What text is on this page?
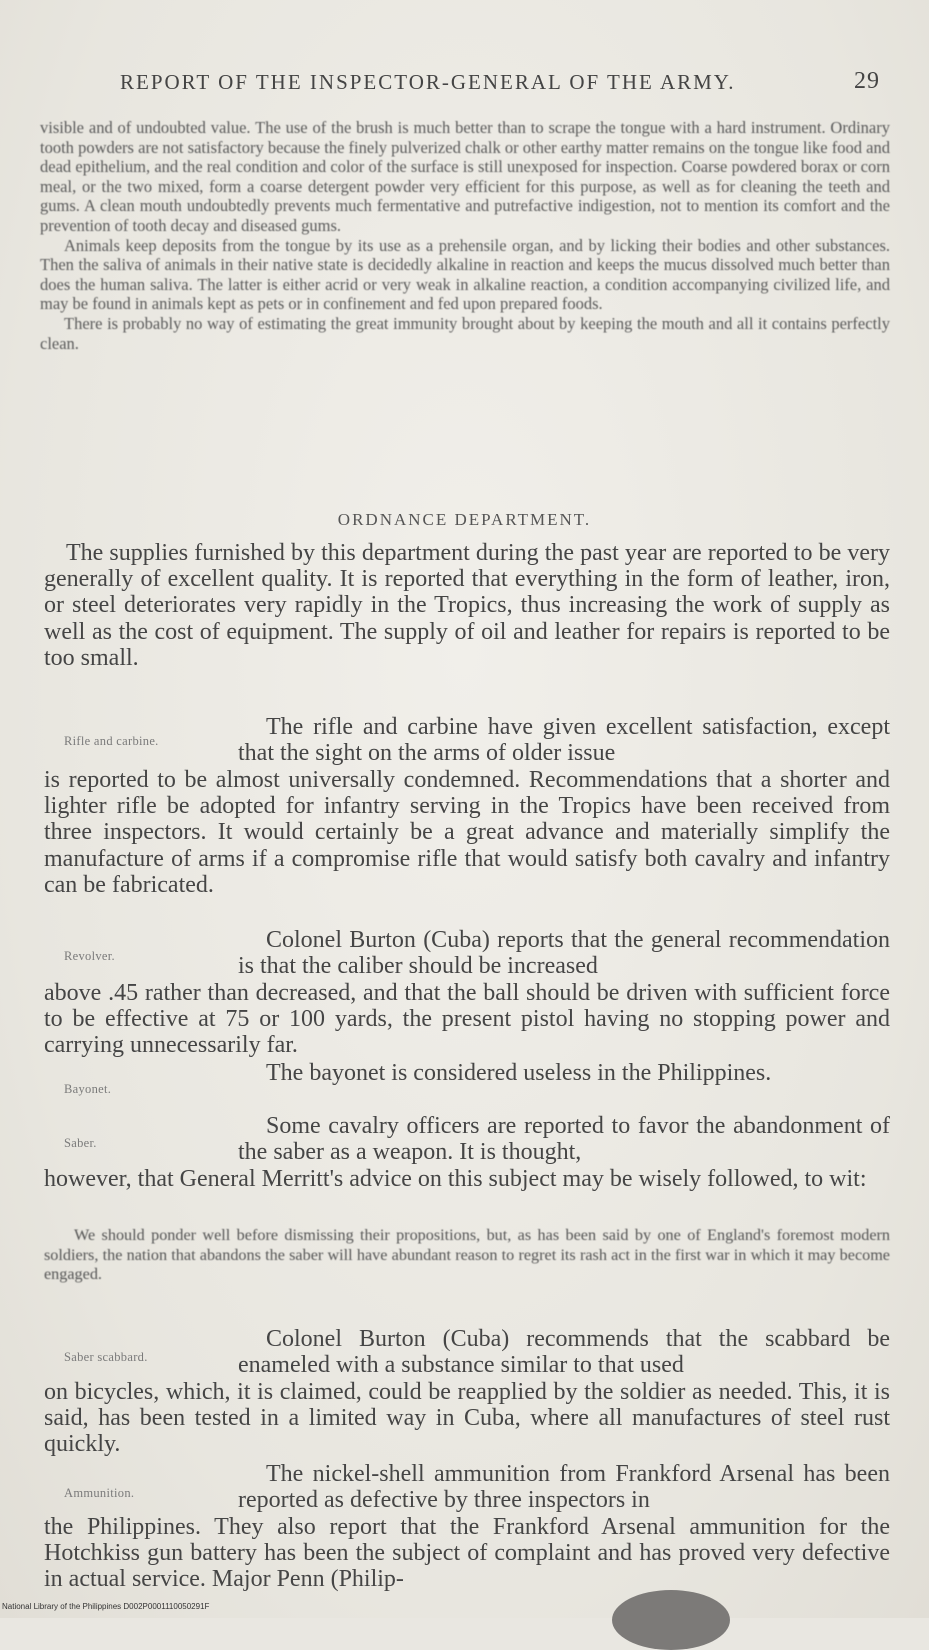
REPORT OF THE INSPECTOR-GENERAL OF THE ARMY.	29

visible and of undoubted value. The use of the brush is much better than to scrape the tongue with a hard instrument. Ordinary tooth powders are not satisfactory because the finely pulverized chalk or other earthy matter remains on the tongue like food and dead epithelium, and the real condition and color of the surface is still unexposed for inspection. Coarse powdered borax or corn meal, or the two mixed, form a coarse detergent powder very efficient for this purpose, as well as for cleaning the teeth and gums. A clean mouth undoubtedly prevents much fermentative and putrefactive indigestion, not to mention its comfort and the prevention of tooth decay and diseased gums.

Animals keep deposits from the tongue by its use as a prehensile organ, and by licking their bodies and other substances. Then the saliva of animals in their native state is decidedly alkaline in reaction and keeps the mucus dissolved much better than does the human saliva. The latter is either acrid or very weak in alkaline reaction, a condition accompanying civilized life, and may be found in animals kept as pets or in confinement and fed upon prepared foods.

There is probably no way of estimating the great immunity brought about by keeping the mouth and all it contains perfectly clean.

ORDNANCE DEPARTMENT.
The supplies furnished by this department during the past year are reported to be very generally of excellent quality. It is reported that everything in the form of leather, iron, or steel deteriorates very rapidly in the Tropics, thus increasing the work of supply as well as the cost of equipment. The supply of oil and leather for repairs is reported to be too small.
Rifle and carbine.
The rifle and carbine have given excellent satisfaction, except that the sight on the arms of older issue
is reported to be almost universally condemned. Recommendations that a shorter and lighter rifle be adopted for infantry serving in the Tropics have been received from three inspectors. It would certainly be a great advance and materially simplify the manufacture of arms if a compromise rifle that would satisfy both cavalry and infantry can be fabricated.
Revolver.
Colonel Burton (Cuba) reports that the general recommendation is that the caliber should be increased
above .45 rather than decreased, and that the ball should be driven with sufficient force to be effective at 75 or 100 yards, the present pistol having no stopping power and carrying unnecessarily far.
Bayonet.
The bayonet is considered useless in the Philippines.
Saber.
Some cavalry officers are reported to favor the abandonment of the saber as a weapon. It is thought,
however, that General Merritt's advice on this subject may be wisely followed, to wit:
We should ponder well before dismissing their propositions, but, as has been said by one of England's foremost modern soldiers, the nation that abandons the saber will have abundant reason to regret its rash act in the first war in which it may become engaged.
Saber scabbard.
Colonel Burton (Cuba) recommends that the scabbard be enameled with a substance similar to that used
on bicycles, which, it is claimed, could be reapplied by the soldier as needed. This, it is said, has been tested in a limited way in Cuba, where all manufactures of steel rust quickly.
Ammunition.
The nickel-shell ammunition from Frankford Arsenal has been reported as defective by three inspectors in
the Philippines. They also report that the Frankford Arsenal ammunition for the Hotchkiss gun battery has been the subject of complaint and has proved very defective in actual service. Major Penn (Philip-
National Library of the Philippines D002P0001110050291F
